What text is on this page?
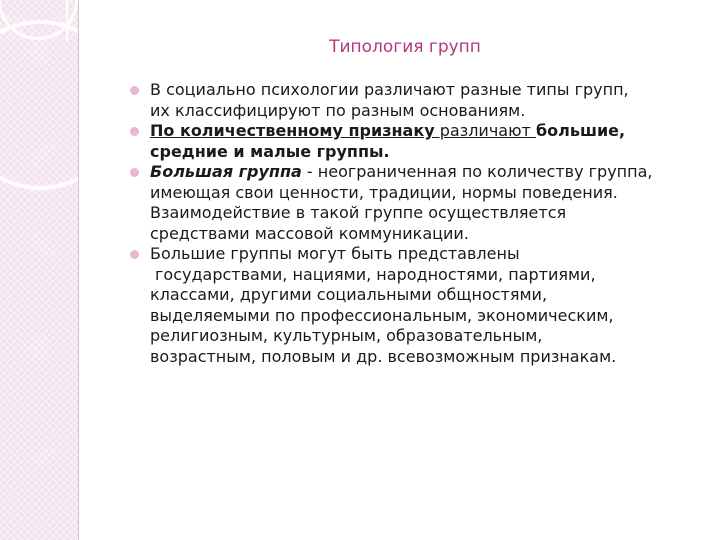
Типология групп
В социально психологии различают разные типы групп,
их классифицируют по разным основаниям.
По количественному признаку различают большие,
средние и малые группы.
Большая группа - неограниченная по количеству группа,
имеющая свои ценности, традиции, нормы поведения.
Взаимодействие в такой группе осуществляется
средствами массовой коммуникации.
Большие группы могут быть представлены
государствами, нациями, народностями, партиями,
классами, другими социальными общностями,
выделяемыми по профессиональным, экономическим,
религиозным, культурным, образовательным,
возрастным, половым и др. всевозможным признакам.
